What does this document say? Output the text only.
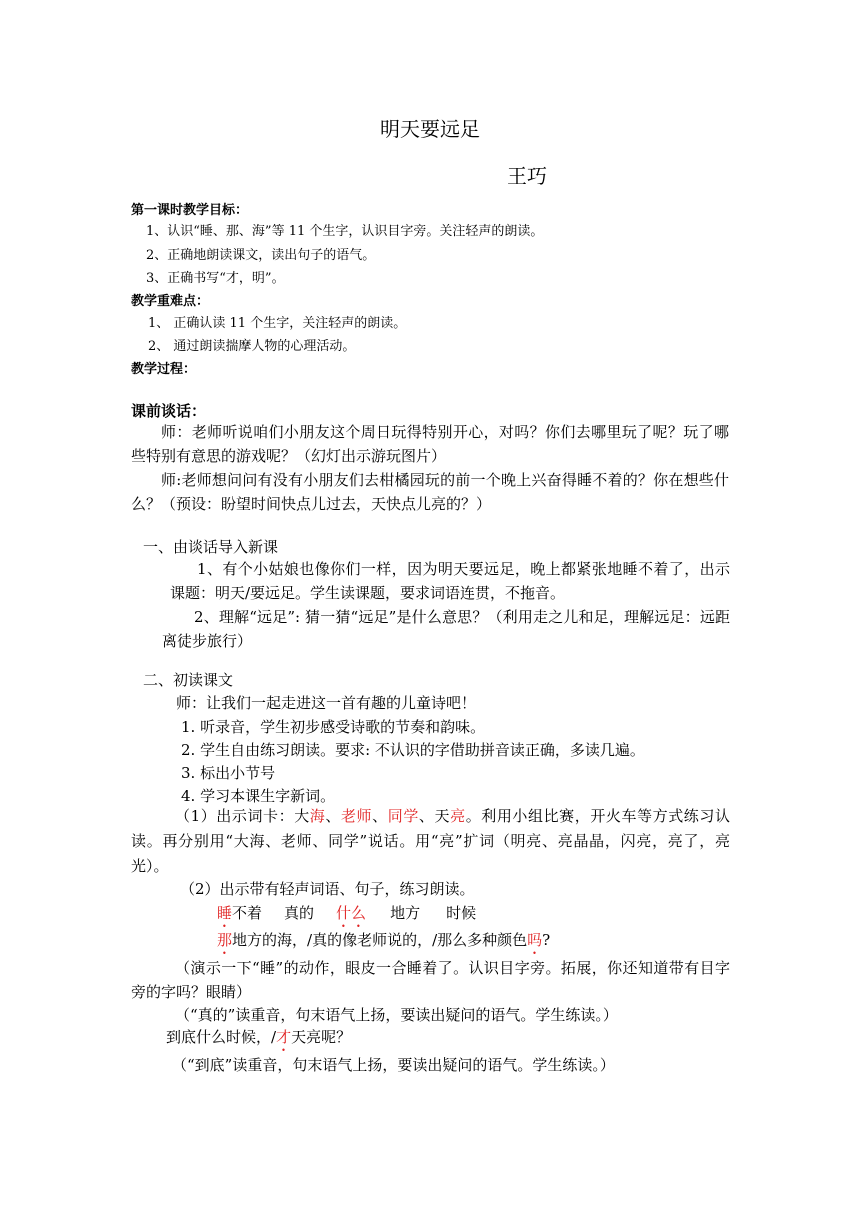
明天要远足
王巧
第一课时教学目标：
1、认识“睡、那、海”等 11 个生字，认识目字旁。关注轻声的朗读。
2、正确地朗读课文，读出句子的语气。
3、正确书写“才，明”。
教学重难点：
1、 正确认读 11 个生字，关注轻声的朗读。
2、 通过朗读揣摩人物的心理活动。
教学过程：
课前谈话：
师：老师听说咱们小朋友这个周日玩得特别开心，对吗？你们去哪里玩了呢？玩了哪些特别有意思的游戏呢？（幻灯出示游玩图片）
师:老师想问问有没有小朋友们去柑橘园玩的前一个晚上兴奋得睡不着的？你在想些什么？（预设：盼望时间快点儿过去，天快点儿亮的？）
一、由谈话导入新课
1、有个小姑娘也像你们一样，因为明天要远足，晚上都紧张地睡不着了，出示课题：明天/要远足。学生读课题，要求词语连贯，不拖音。
2、理解“远足”: 猜一猜“远足”是什么意思？（利用走之儿和足，理解远足：远距离徒步旅行）
二、初读课文
师：让我们一起走进这一首有趣的儿童诗吧！
1. 听录音，学生初步感受诗歌的节奏和韵味。
2. 学生自由练习朗读。要求: 不认识的字借助拼音读正确，多读几遍。
3. 标出小节号
4. 学习本课生字新词。
（1）出示词卡：大海、老师、同学、天亮。利用小组比赛，开火车等方式练习认读。再分别用“大海、老师、同学”说话。用“亮”扩词（明亮、亮晶晶，闪亮，亮了，亮光）。
（2）出示带有轻声词语、句子，练习朗读。
睡不着 真的 什么 地方 时候
那地方的海，/真的像老师说的，/那么多种颜色吗?
（演示一下“睡”的动作，眼皮一合睡着了。认识目字旁。拓展，你还知道带有目字旁的字吗？眼睛）
（“真的”读重音，句末语气上扬，要读出疑问的语气。学生练读。）
到底什么时候，/才天亮呢？
（“到底”读重音，句末语气上扬，要读出疑问的语气。学生练读。）
